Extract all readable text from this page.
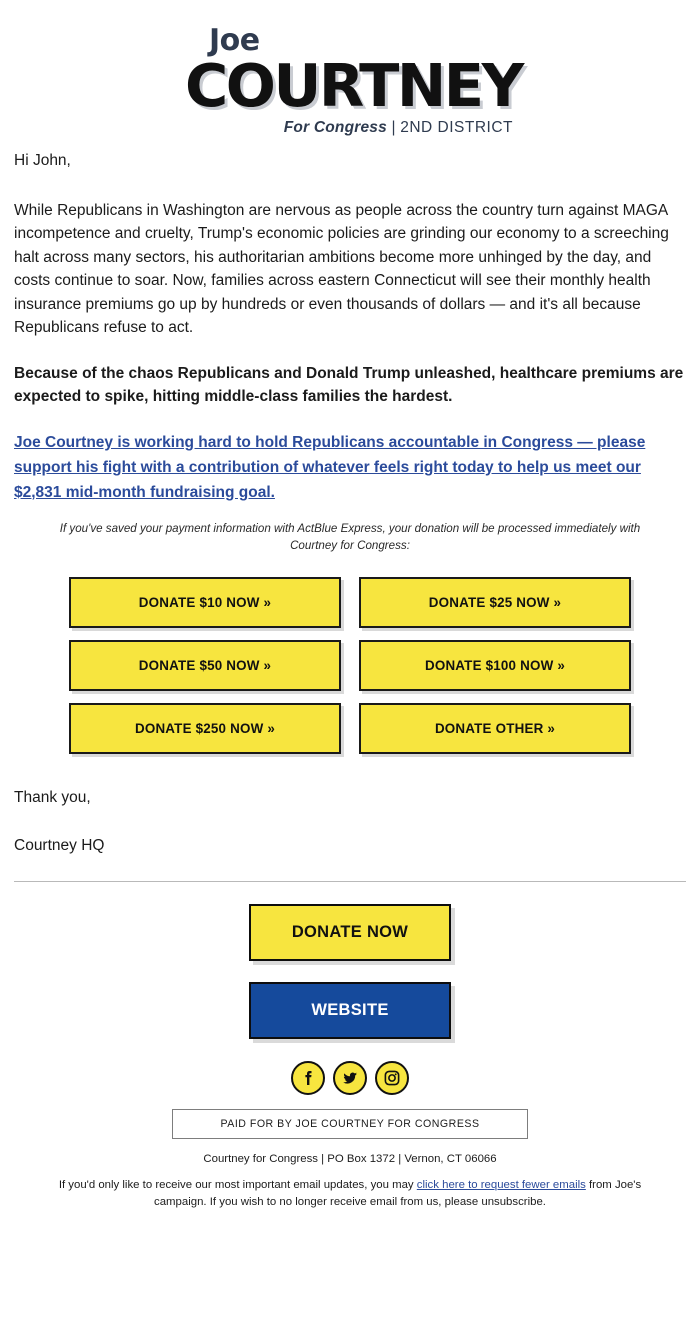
Joe
COURTNEY
For Congress | 2ND DISTRICT

Hi John,

While Republicans in Washington are nervous as people across the country turn against MAGA incompetence and cruelty, Trump's economic policies are grinding our economy to a screeching halt across many sectors, his authoritarian ambitions become more unhinged by the day, and costs continue to soar. Now, families across eastern Connecticut will see their monthly health insurance premiums go up by hundreds or even thousands of dollars — and it's all because Republicans refuse to act.

Because of the chaos Republicans and Donald Trump unleashed, healthcare premiums are expected to spike, hitting middle-class families the hardest.

Joe Courtney is working hard to hold Republicans accountable in Congress — please support his fight with a contribution of whatever feels right today to help us meet our $2,831 mid-month fundraising goal.
If you've saved your payment information with ActBlue Express, your donation will be processed immediately with Courtney for Congress:
DONATE $10 NOW »	DONATE $25 NOW »
DONATE $50 NOW »	DONATE $100 NOW »
DONATE $250 NOW »	DONATE OTHER »

Thank you,

Courtney HQ

DONATE NOW
WEBSITE

PAID FOR BY JOE COURTNEY FOR CONGRESS
Courtney for Congress | PO Box 1372 | Vernon, CT 06066
If you'd only like to receive our most important email updates, you may click here to request fewer emails from Joe's campaign. If you wish to no longer receive email from us, please unsubscribe.
